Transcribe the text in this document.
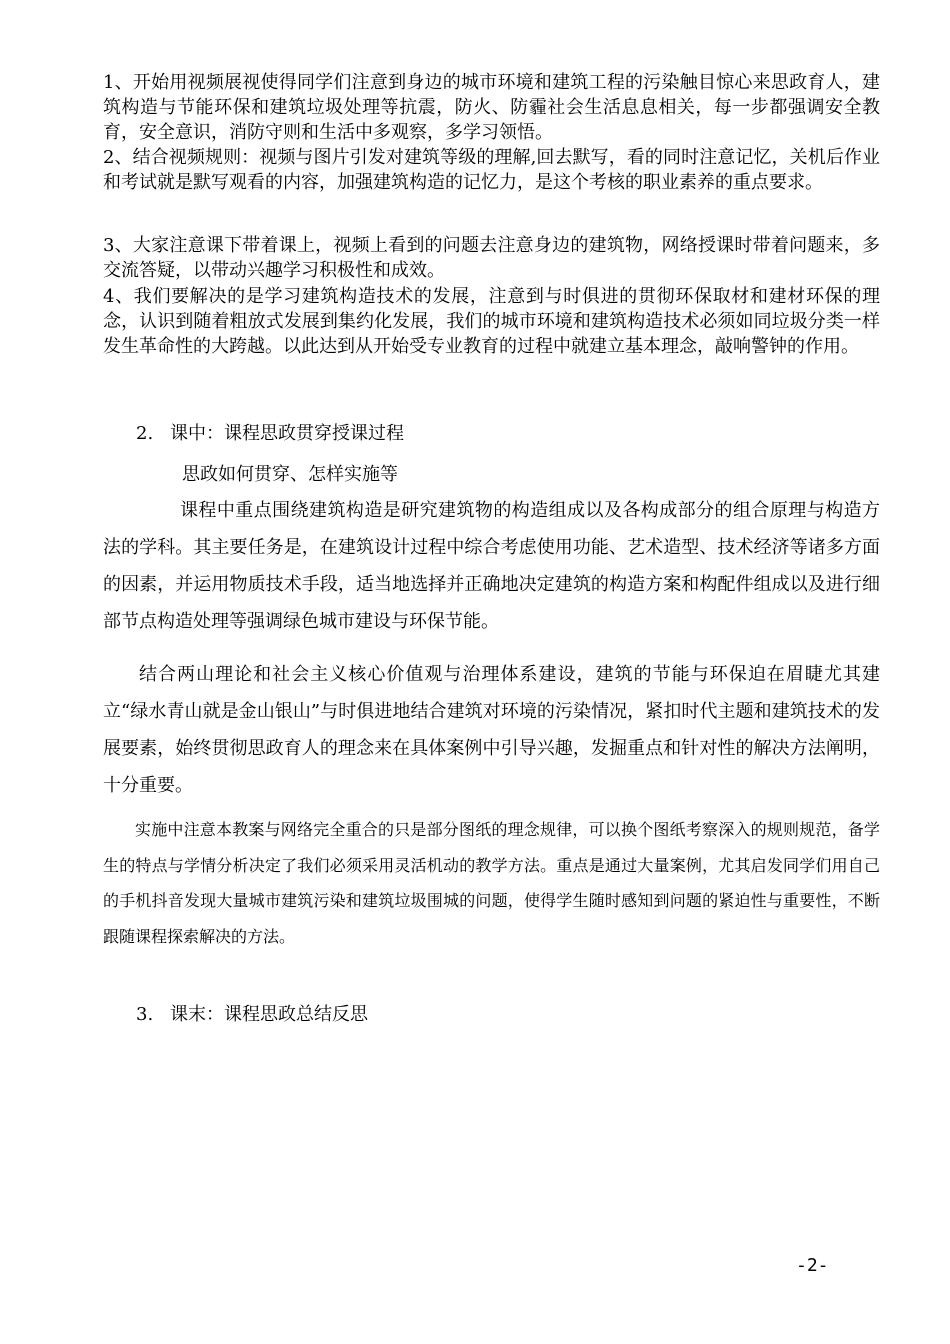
1、开始用视频展视使得同学们注意到身边的城市环境和建筑工程的污染触目惊心来思政育人，建筑构造与节能环保和建筑垃圾处理等抗震，防火、防霾社会生活息息相关，每一步都强调安全教育，安全意识，消防守则和生活中多观察，多学习领悟。

2、结合视频规则：视频与图片引发对建筑等级的理解,回去默写，看的同时注意记忆，关机后作业和考试就是默写观看的内容，加强建筑构造的记忆力，是这个考核的职业素养的重点要求。

3、大家注意课下带着课上，视频上看到的问题去注意身边的建筑物，网络授课时带着问题来，多交流答疑，以带动兴趣学习积极性和成效。

4、我们要解决的是学习建筑构造技术的发展，注意到与时俱进的贯彻环保取材和建材环保的理念，认识到随着粗放式发展到集约化发展，我们的城市环境和建筑构造技术必须如同垃圾分类一样发生革命性的大跨越。以此达到从开始受专业教育的过程中就建立基本理念，敲响警钟的作用。

2. 课中：课程思政贯穿授课过程
思政如何贯穿、怎样实施等

课程中重点围绕建筑构造是研究建筑物的构造组成以及各构成部分的组合原理与构造方法的学科。其主要任务是，在建筑设计过程中综合考虑使用功能、艺术造型、技术经济等诸多方面的因素，并运用物质技术手段，适当地选择并正确地决定建筑的构造方案和构配件组成以及进行细部节点构造处理等强调绿色城市建设与环保节能。

结合两山理论和社会主义核心价值观与治理体系建设，建筑的节能与环保迫在眉睫尤其建立“绿水青山就是金山银山”与时俱进地结合建筑对环境的污染情况，紧扣时代主题和建筑技术的发展要素，始终贯彻思政育人的理念来在具体案例中引导兴趣，发掘重点和针对性的解决方法阐明，十分重要。

实施中注意本教案与网络完全重合的只是部分图纸的理念规律，可以换个图纸考察深入的规则规范，备学生的特点与学情分析决定了我们必须采用灵活机动的教学方法。重点是通过大量案例，尤其启发同学们用自己的手机抖音发现大量城市建筑污染和建筑垃圾围城的问题，使得学生随时感知到问题的紧迫性与重要性，不断跟随课程探索解决的方法。

3. 课末：课程思政总结反思
-2-
